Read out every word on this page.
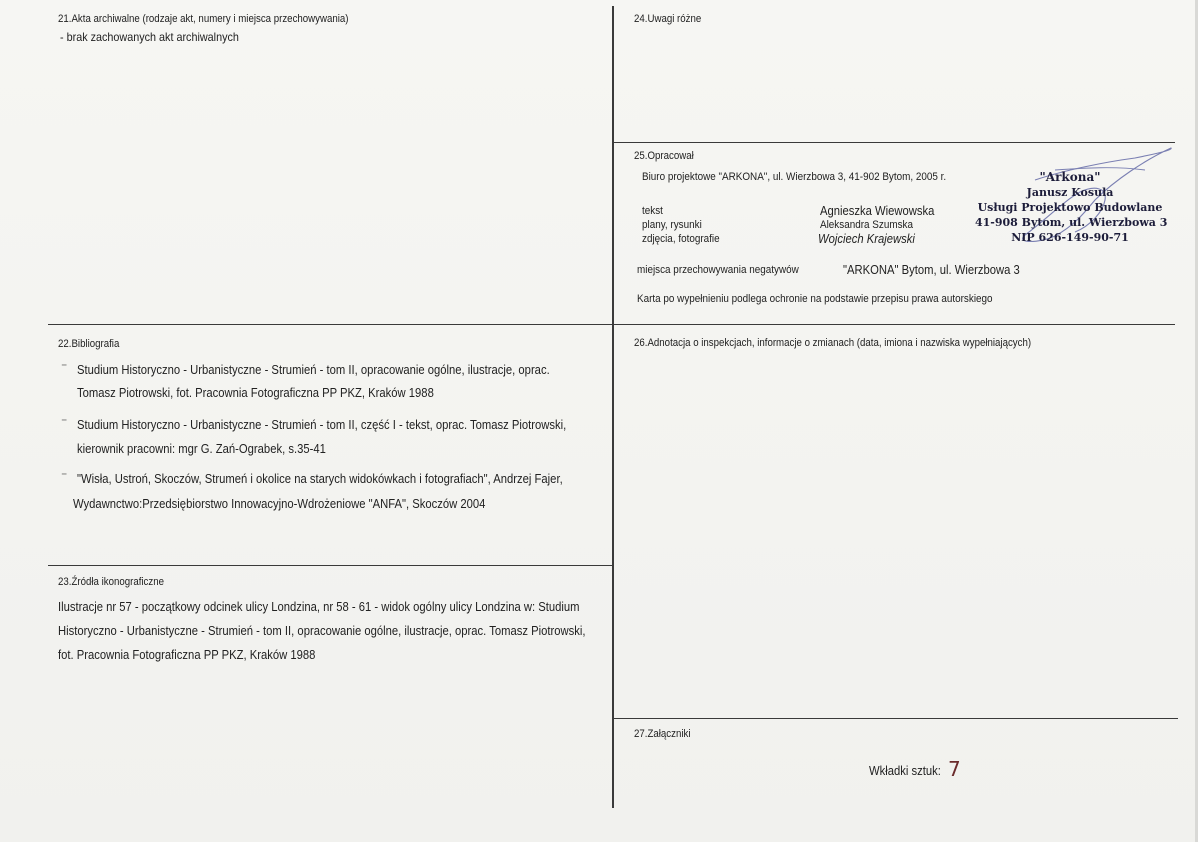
21.Akta archiwalne (rodzaje akt, numery i miejsca przechowywania)
- brak zachowanych akt archiwalnych
24.Uwagi różne
25.Opracował
Biuro projektowe "ARKONA", ul. Wierzbowa 3, 41-902 Bytom, 2005 r.
tekst
plany, rysunki
zdjęcia, fotografie
Agnieszka Wiewowska
Aleksandra Szumska
Wojciech Krajewski
miejsca przechowywania negatywów	"ARKONA" Bytom, ul. Wierzbowa 3
Karta po wypełnieniu podlega ochronie na podstawie przepisu prawa autorskiego
"Arkona"
Janusz Kosula
Usługi Projektowo Budowlane
41-908 Bytom, ul. Wierzbowa 3
NIP 626-149-90-71
22.Bibliografia
⁻ Studium Historyczno - Urbanistyczne - Strumień - tom II, opracowanie ogólne, ilustracje, oprac.
Tomasz Piotrowski, fot. Pracownia Fotograficzna PP PKZ, Kraków 1988
⁻ Studium Historyczno - Urbanistyczne - Strumień - tom II, część I - tekst, oprac. Tomasz Piotrowski,
kierownik pracowni: mgr G. Zań-Ograbek, s.35-41
⁻ "Wisła, Ustroń, Skoczów, Strumeń i okolice na starych widokówkach i fotografiach", Andrzej Fajer,
Wydawnctwo:Przedsiębiorstwo Innowacyjno-Wdrożeniowe "ANFA", Skoczów 2004
26.Adnotacja o inspekcjach, informacje o zmianach (data, imiona i nazwiska wypełniających)
23.Źródła ikonograficzne
Ilustracje nr 57 - początkowy odcinek ulicy Londzina, nr 58 - 61 - widok ogólny ulicy Londzina w: Studium
Historyczno - Urbanistyczne - Strumień - tom II, opracowanie ogólne, ilustracje, oprac. Tomasz Piotrowski,
fot. Pracownia Fotograficzna PP PKZ, Kraków 1988
27.Załączniki
Wkładki sztuk: 7
